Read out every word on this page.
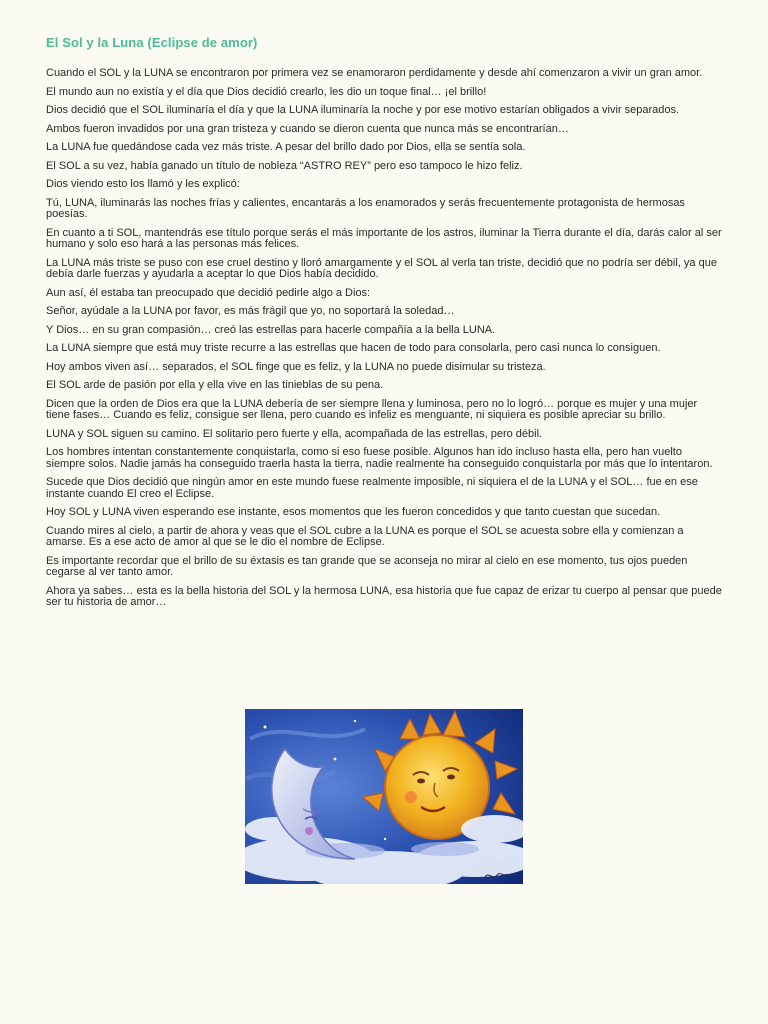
El Sol y la Luna (Eclipse de amor)

Cuando el SOL y la LUNA se encontraron por primera vez se enamoraron perdidamente y desde ahí comenzaron a vivir un gran amor.

El mundo aun no existía y el día que Dios decidió crearlo, les dio un toque final… ¡el brillo!

Dios decidió que el SOL iluminaría el día y que la LUNA iluminaría la noche y por ese motivo estarían obligados a vivir separados.

Ambos fueron invadidos por una gran tristeza y cuando se dieron cuenta que nunca más se encontrarían…

La LUNA fue quedándose cada vez más triste. A pesar del brillo dado por Dios, ella se sentía sola.

El SOL a su vez, había ganado un título de nobleza “ASTRO REY” pero eso tampoco le hizo feliz.

Dios viendo esto los llamó y les explicó:

Tú, LUNA, iluminarás las noches frías y calientes, encantarás a los enamorados y serás frecuentemente protagonista de hermosas poesías.

En cuanto a ti SOL, mantendrás ese título porque serás el más importante de los astros, iluminar la Tierra durante el día, darás calor al ser humano y solo eso hará a las personas más felices.

La LUNA más triste se puso con ese cruel destino y lloró amargamente y el SOL al verla tan triste, decidió que no podría ser débil, ya que debía darle fuerzas y ayudarla a aceptar lo que Dios había decidido.

Aun así, él estaba tan preocupado que decidió pedirle algo a Dios:

Señor, ayúdale a la LUNA por favor, es más frágil que yo, no soportará la soledad…

Y Dios… en su gran compasión… creó las estrellas para hacerle compañía a la bella LUNA.

La LUNA siempre que está muy triste recurre a las estrellas que hacen de todo para consolarla, pero casi nunca lo consiguen.

Hoy ambos viven así… separados, el SOL finge que es feliz, y la LUNA no puede disimular su tristeza.

El SOL arde de pasión por ella y ella vive en las tinieblas de su pena.

Dicen que la orden de Dios era que la LUNA debería de ser siempre llena y luminosa, pero no lo logró… porque es mujer y una mujer tiene fases… Cuando es feliz, consigue ser llena, pero cuando es infeliz es menguante, ni siquiera es posible apreciar su brillo.

LUNA y SOL siguen su camino. El solitario pero fuerte y ella, acompañada de las estrellas, pero débil.

Los hombres intentan constantemente conquistarla, como si eso fuese posible. Algunos han ido incluso hasta ella, pero han vuelto siempre solos. Nadie jamás ha conseguido traerla hasta la tierra, nadie realmente ha conseguido conquistarla por más que lo intentaron.

Sucede que Dios decidió que ningún amor en este mundo fuese realmente imposible, ni siquiera el de la LUNA y el SOL… fue en ese instante cuando El creo el Eclipse.

Hoy SOL y LUNA viven esperando ese instante, esos momentos que les fueron concedidos y que tanto cuestan que sucedan.

Cuando mires al cielo, a partir de ahora y veas que el SOL cubre a la LUNA es porque el SOL se acuesta sobre ella y comienzan a amarse. Es a ese acto de amor al que se le dio el nombre de Eclipse.

Es importante recordar que el brillo de su éxtasis es tan grande que se aconseja no mirar al cielo en ese momento, tus ojos pueden cegarse al ver tanto amor.

Ahora ya sabes… esta es la bella historia del SOL y la hermosa LUNA, esa historia que fue capaz de erizar tu cuerpo al pensar que puede ser tu historia de amor…
